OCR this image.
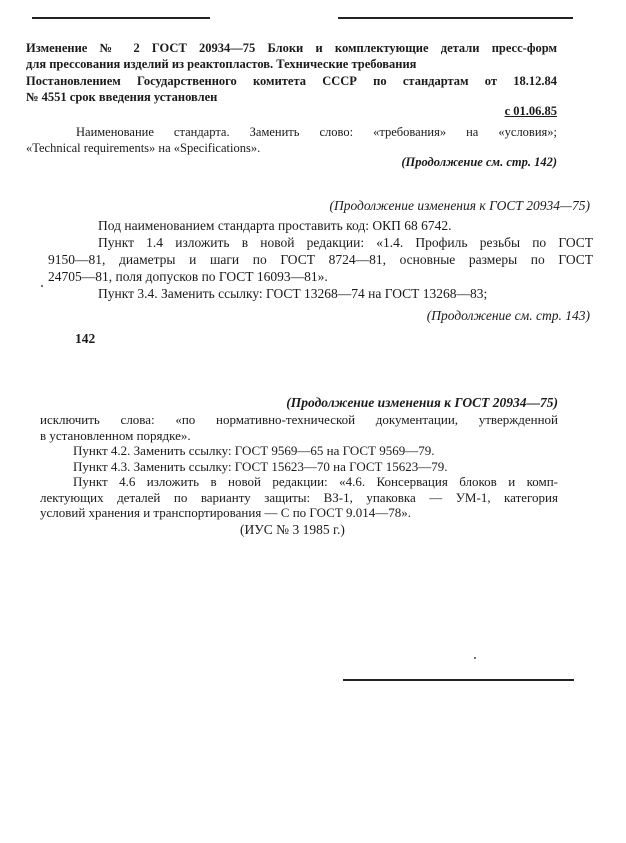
Изменение № 2 ГОСТ 20934—75 Блоки и комплектующие детали пресс-форм
для прессования изделий из реактопластов. Технические требования
Постановлением Государственного комитета СССР по стандартам от 18.12.84
№ 4551 срок введения установлен
с 01.06.85
Наименование стандарта. Заменить слово: «требования» на «условия»;
«Technical requirements» на «Specifications».
(Продолжение см. стр. 142)
(Продолжение изменения к ГОСТ 20934—75)
Под наименованием стандарта проставить код: ОКП 68 6742.
Пункт 1.4 изложить в новой редакции: «1.4. Профиль резьбы по ГОСТ
9150—81, диаметры и шаги по ГОСТ 8724—81, основные размеры по ГОСТ
24705—81, поля допусков по ГОСТ 16093—81».
Пункт 3.4. Заменить ссылку: ГОСТ 13268—74 на ГОСТ 13268—83;
(Продолжение см. стр. 143)
142
(Продолжение изменения к ГОСТ 20934—75)
исключить слова: «по нормативно-технической документации, утвержденной
в установленном порядке».
Пункт 4.2. Заменить ссылку: ГОСТ 9569—65 на ГОСТ 9569—79.
Пункт 4.3. Заменить ссылку: ГОСТ 15623—70 на ГОСТ 15623—79.
Пункт 4.6 изложить в новой редакции: «4.6. Консервация блоков и комп-
лектующих деталей по варианту защиты: ВЗ-1, упаковка — УМ-1, категория
условий хранения и транспортирования — С по ГОСТ 9.014—78».
(ИУС № 3 1985 г.)
